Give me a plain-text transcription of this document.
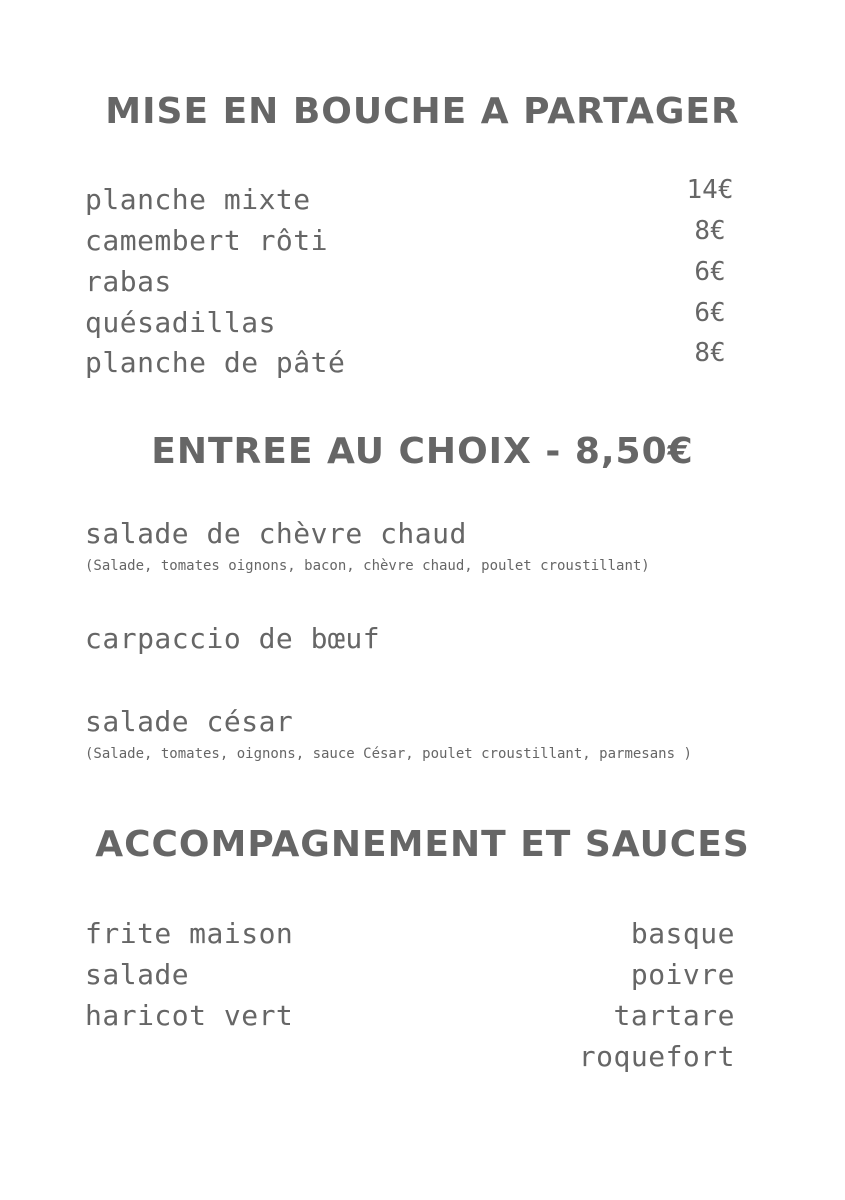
MISE EN BOUCHE A PARTAGER
planche mixte	14€
camembert rôti	8€
rabas	6€
quésadillas	6€
planche de pâté	8€
ENTREE AU CHOIX - 8,50€
salade de chèvre chaud
(Salade, tomates oignons, bacon, chèvre chaud, poulet croustillant)
carpaccio de bœuf
salade césar
(Salade, tomates, oignons, sauce César, poulet croustillant, parmesans )
ACCOMPAGNEMENT ET SAUCES
frite maison
salade
haricot vert
basque
poivre
tartare
roquefort
